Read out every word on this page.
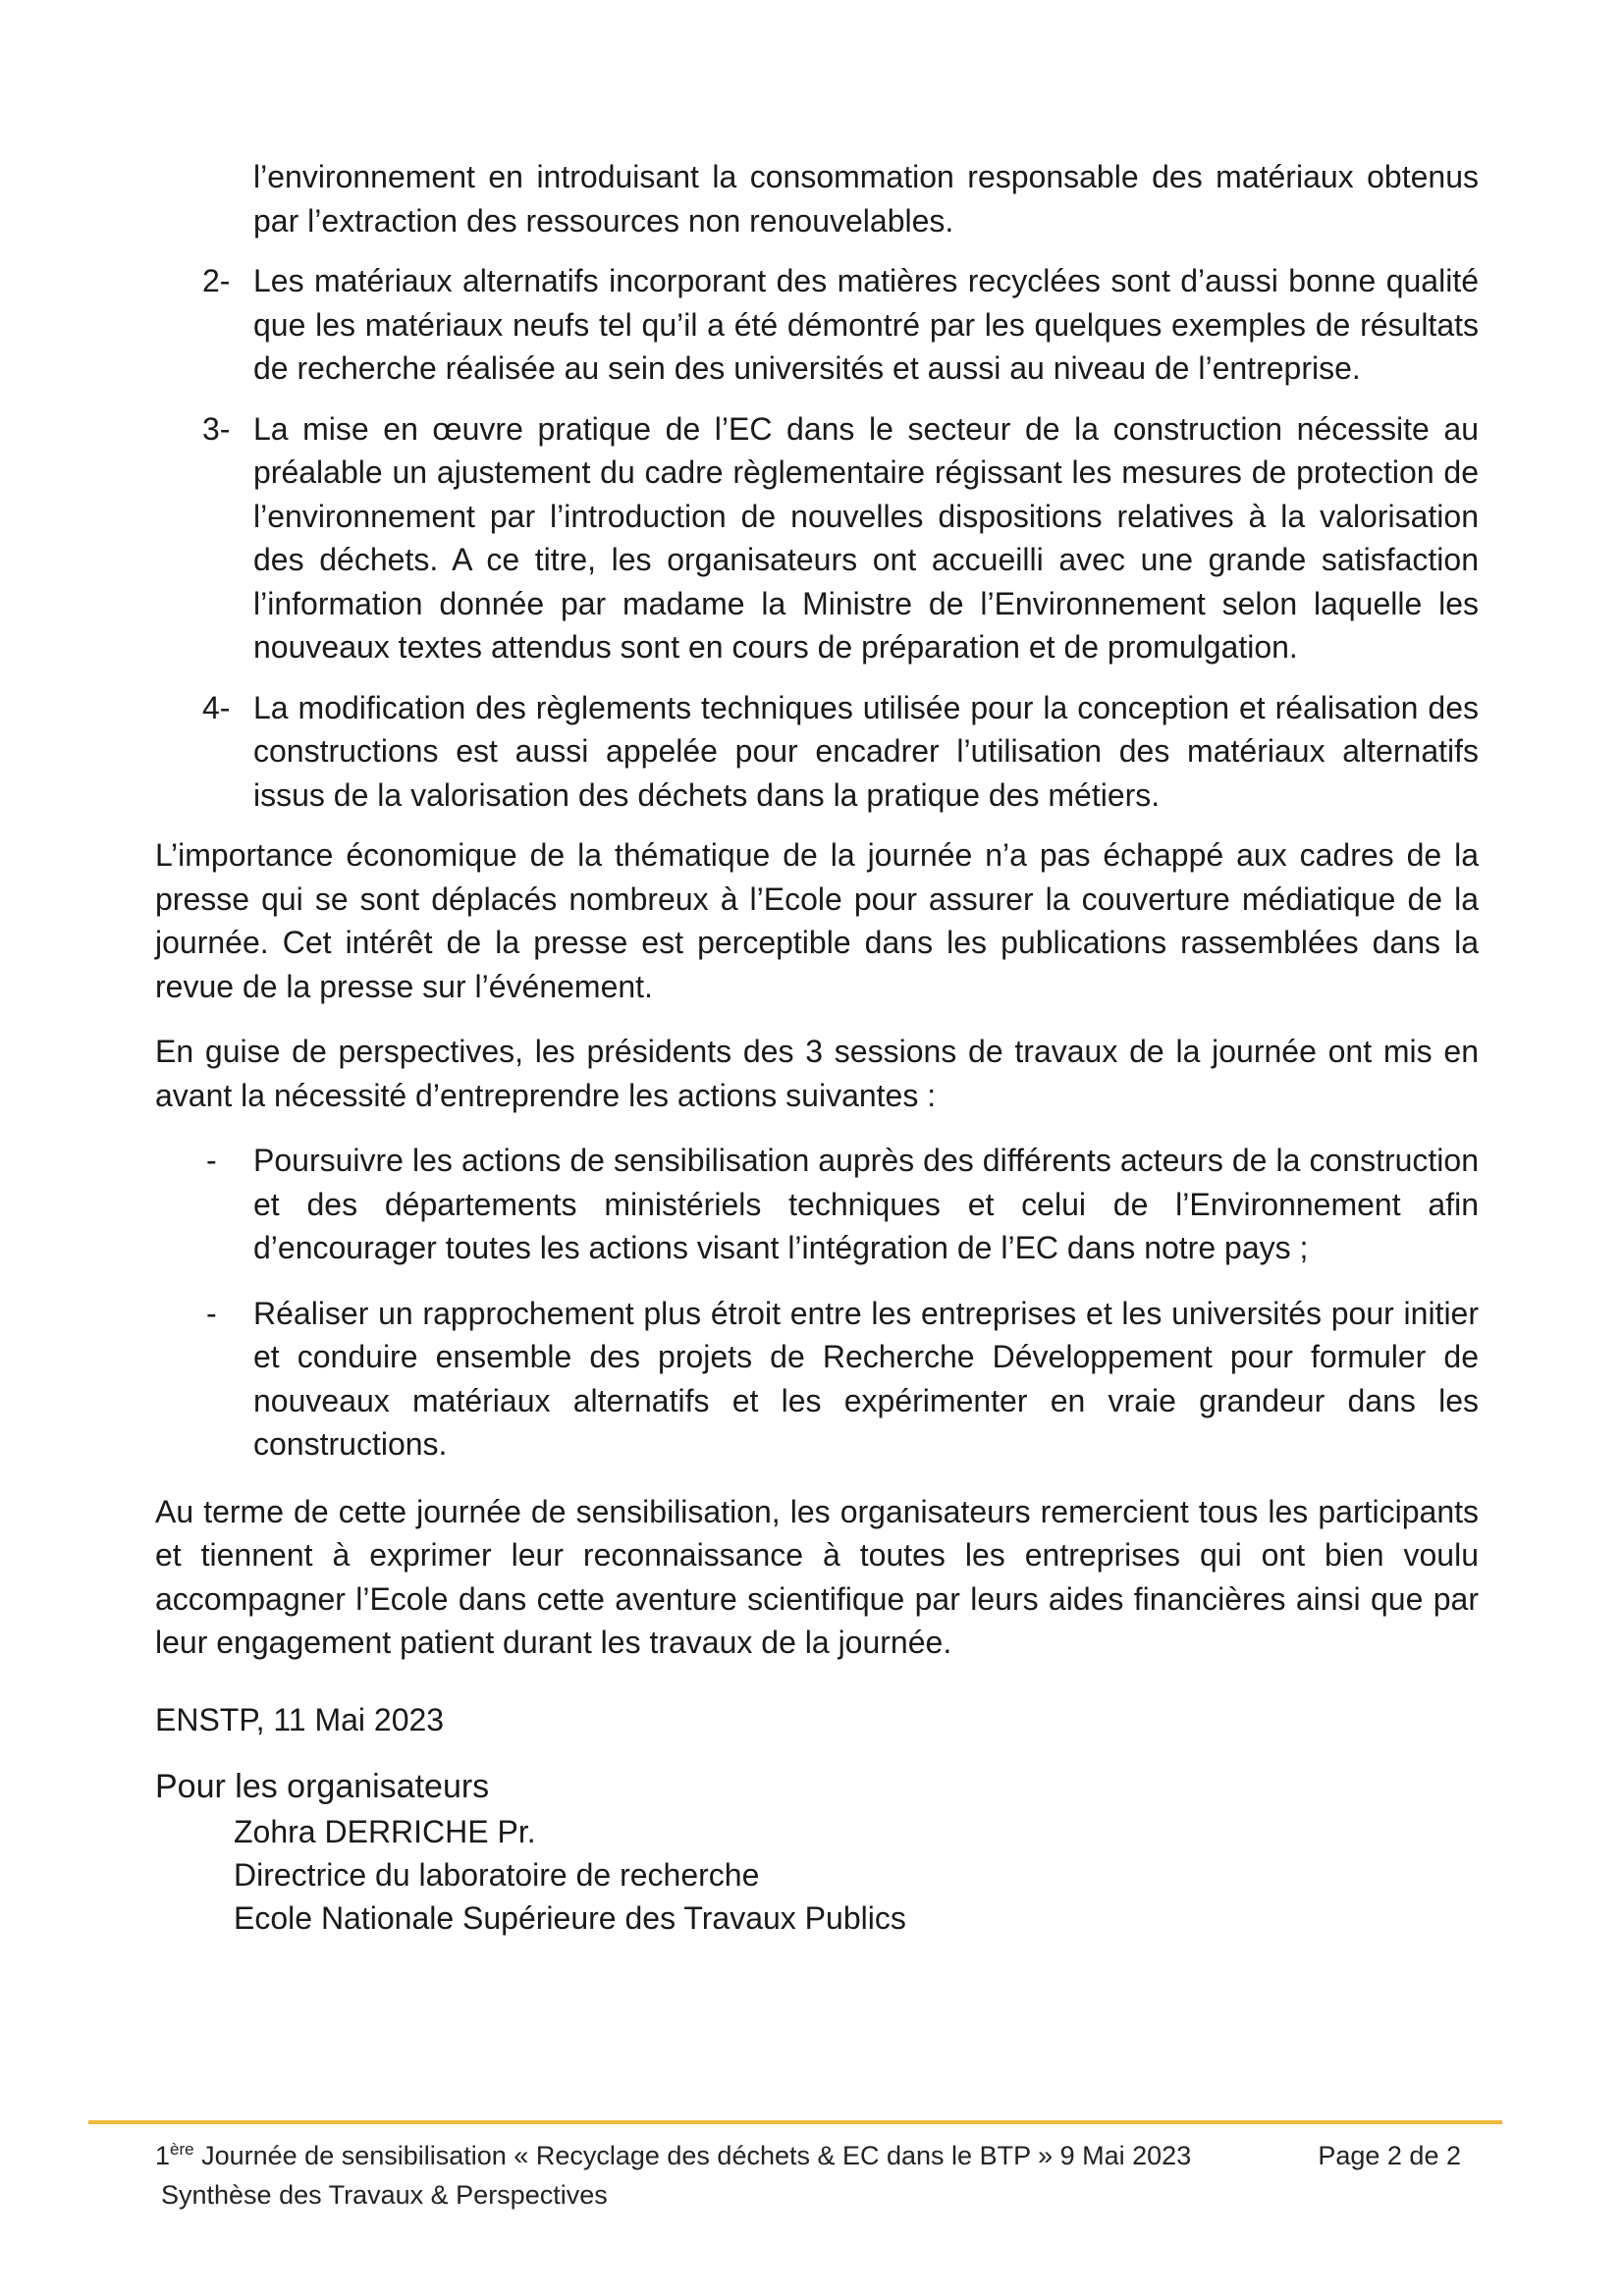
l’environnement en introduisant la consommation responsable des matériaux obtenus par l’extraction des ressources non renouvelables.

2- Les matériaux alternatifs incorporant des matières recyclées sont d’aussi bonne qualité que les matériaux neufs tel qu’il a été démontré par les quelques exemples de résultats de recherche réalisée au sein des universités et aussi au niveau de l’entreprise.

3- La mise en œuvre pratique de l’EC dans le secteur de la construction nécessite au préalable un ajustement du cadre règlementaire régissant les mesures de protection de l’environnement par l’introduction de nouvelles dispositions relatives à la valorisation des déchets. A ce titre, les organisateurs ont accueilli avec une grande satisfaction l’information donnée par madame la Ministre de l’Environnement selon laquelle les nouveaux textes attendus sont en cours de préparation et de promulgation.

4- La modification des règlements techniques utilisée pour la conception et réalisation des constructions est aussi appelée pour encadrer l’utilisation des matériaux alternatifs issus de la valorisation des déchets dans la pratique des métiers.

L’importance économique de la thématique de la journée n’a pas échappé aux cadres de la presse qui se sont déplacés nombreux à l’Ecole pour assurer la couverture médiatique de la journée. Cet intérêt de la presse est perceptible dans les publications rassemblées dans la revue de la presse sur l’événement.

En guise de perspectives, les présidents des 3 sessions de travaux de la journée ont mis en avant la nécessité d’entreprendre les actions suivantes :

- Poursuivre les actions de sensibilisation auprès des différents acteurs de la construction et des départements ministériels techniques et celui de l’Environnement afin d’encourager toutes les actions visant l’intégration de l’EC dans notre pays ;

- Réaliser un rapprochement plus étroit entre les entreprises et les universités pour initier et conduire ensemble des projets de Recherche Développement pour formuler de nouveaux matériaux alternatifs et les expérimenter en vraie grandeur dans les constructions.

Au terme de cette journée de sensibilisation, les organisateurs remercient tous les participants et tiennent à exprimer leur reconnaissance à toutes les entreprises qui ont bien voulu accompagner l’Ecole dans cette aventure scientifique par leurs aides financières ainsi que par leur engagement patient durant les travaux de la journée.

ENSTP, 11 Mai 2023
Pour les organisateurs
Zohra DERRICHE Pr.
Directrice du laboratoire de recherche
Ecole Nationale Supérieure des Travaux Publics
1ère Journée de sensibilisation « Recyclage des déchets & EC dans le BTP » 9 Mai 2023
Synthèse des Travaux & Perspectives
Page 2 de 2
